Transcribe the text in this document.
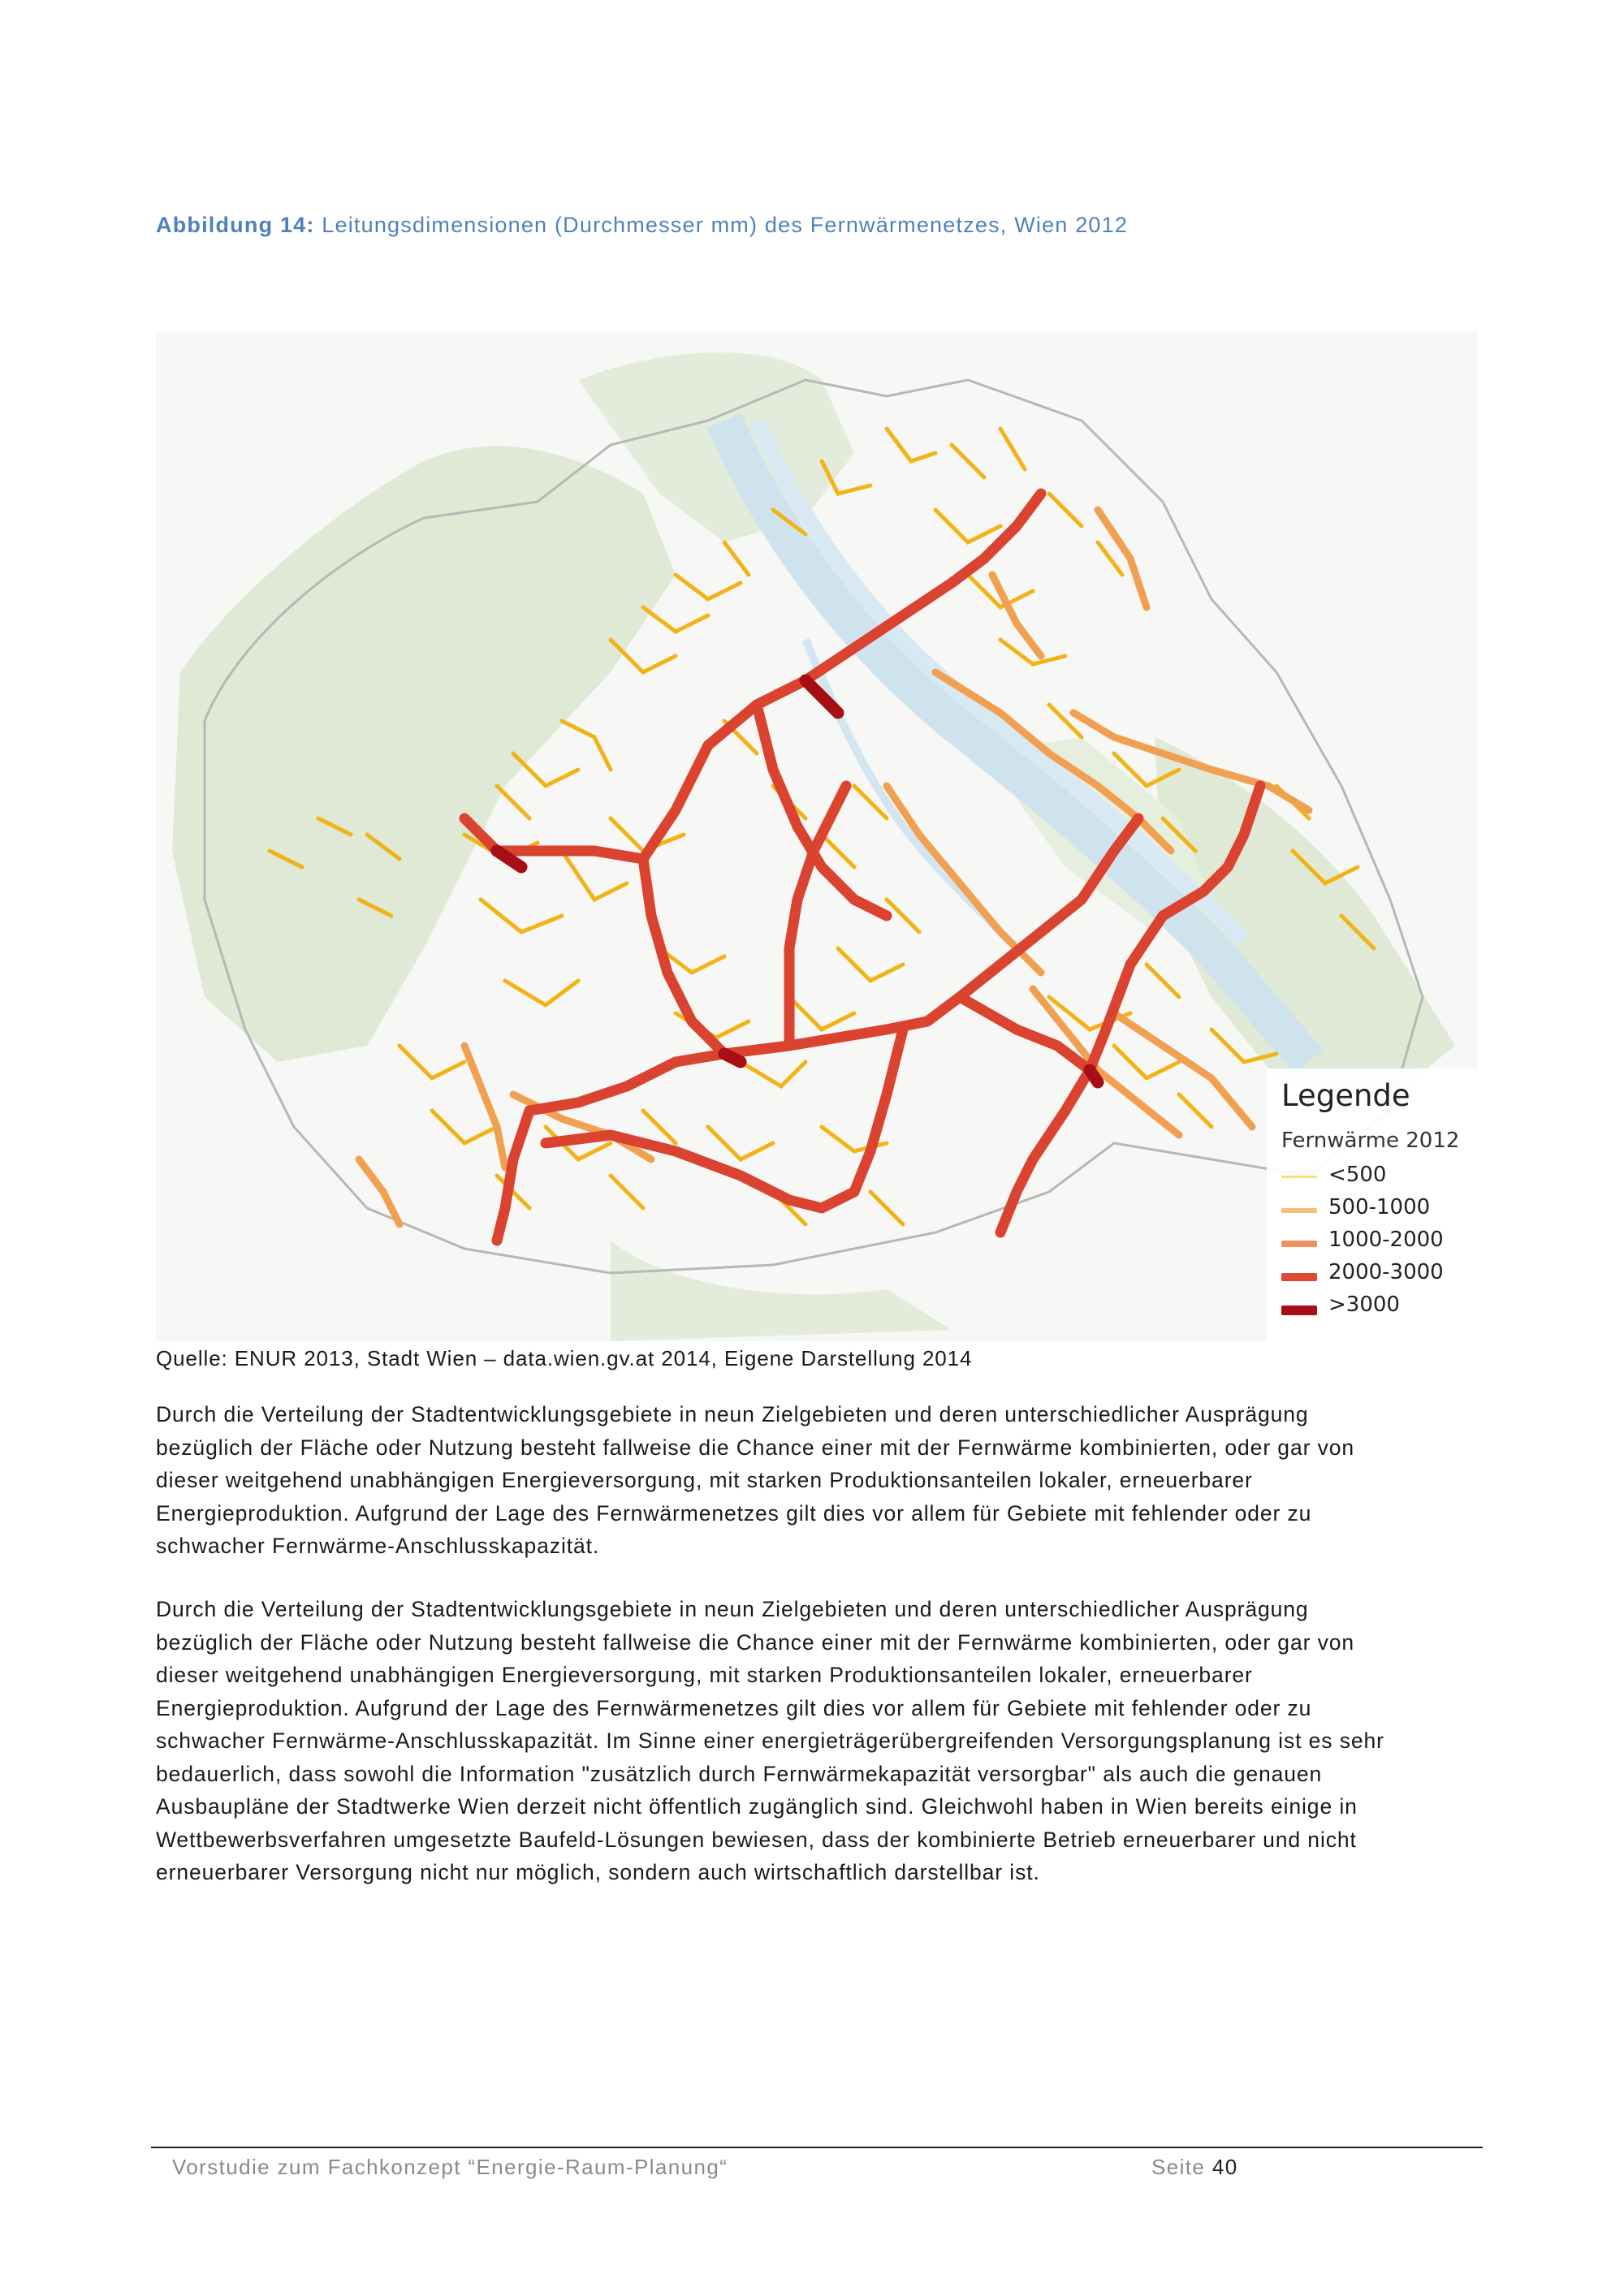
Abbildung 14: Leitungsdimensionen (Durchmesser mm) des Fernwärmenetzes, Wien 2012
Legende
Fernwärme 2012
<500
500-1000
1000-2000
2000-3000
>3000
Quelle: ENUR 2013, Stadt Wien – data.wien.gv.at 2014, Eigene Darstellung 2014

Durch die Verteilung der Stadtentwicklungsgebiete in neun Zielgebieten und deren unterschiedlicher Ausprägung
bezüglich der Fläche oder Nutzung besteht fallweise die Chance einer mit der Fernwärme kombinierten, oder gar von
dieser weitgehend unabhängigen Energieversorgung, mit starken Produktionsanteilen lokaler, erneuerbarer
Energieproduktion. Aufgrund der Lage des Fernwärmenetzes gilt dies vor allem für Gebiete mit fehlender oder zu
schwacher Fernwärme-Anschlusskapazität.

Durch die Verteilung der Stadtentwicklungsgebiete in neun Zielgebieten und deren unterschiedlicher Ausprägung
bezüglich der Fläche oder Nutzung besteht fallweise die Chance einer mit der Fernwärme kombinierten, oder gar von
dieser weitgehend unabhängigen Energieversorgung, mit starken Produktionsanteilen lokaler, erneuerbarer
Energieproduktion. Aufgrund der Lage des Fernwärmenetzes gilt dies vor allem für Gebiete mit fehlender oder zu
schwacher Fernwärme-Anschlusskapazität. Im Sinne einer energieträgerübergreifenden Versorgungsplanung ist es sehr
bedauerlich, dass sowohl die Information "zusätzlich durch Fernwärmekapazität versorgbar" als auch die genauen
Ausbaupläne der Stadtwerke Wien derzeit nicht öffentlich zugänglich sind. Gleichwohl haben in Wien bereits einige in
Wettbewerbsverfahren umgesetzte Baufeld-Lösungen bewiesen, dass der kombinierte Betrieb erneuerbarer und nicht
erneuerbarer Versorgung nicht nur möglich, sondern auch wirtschaftlich darstellbar ist.

Vorstudie zum Fachkonzept “Energie-Raum-Planung“	Seite 40
